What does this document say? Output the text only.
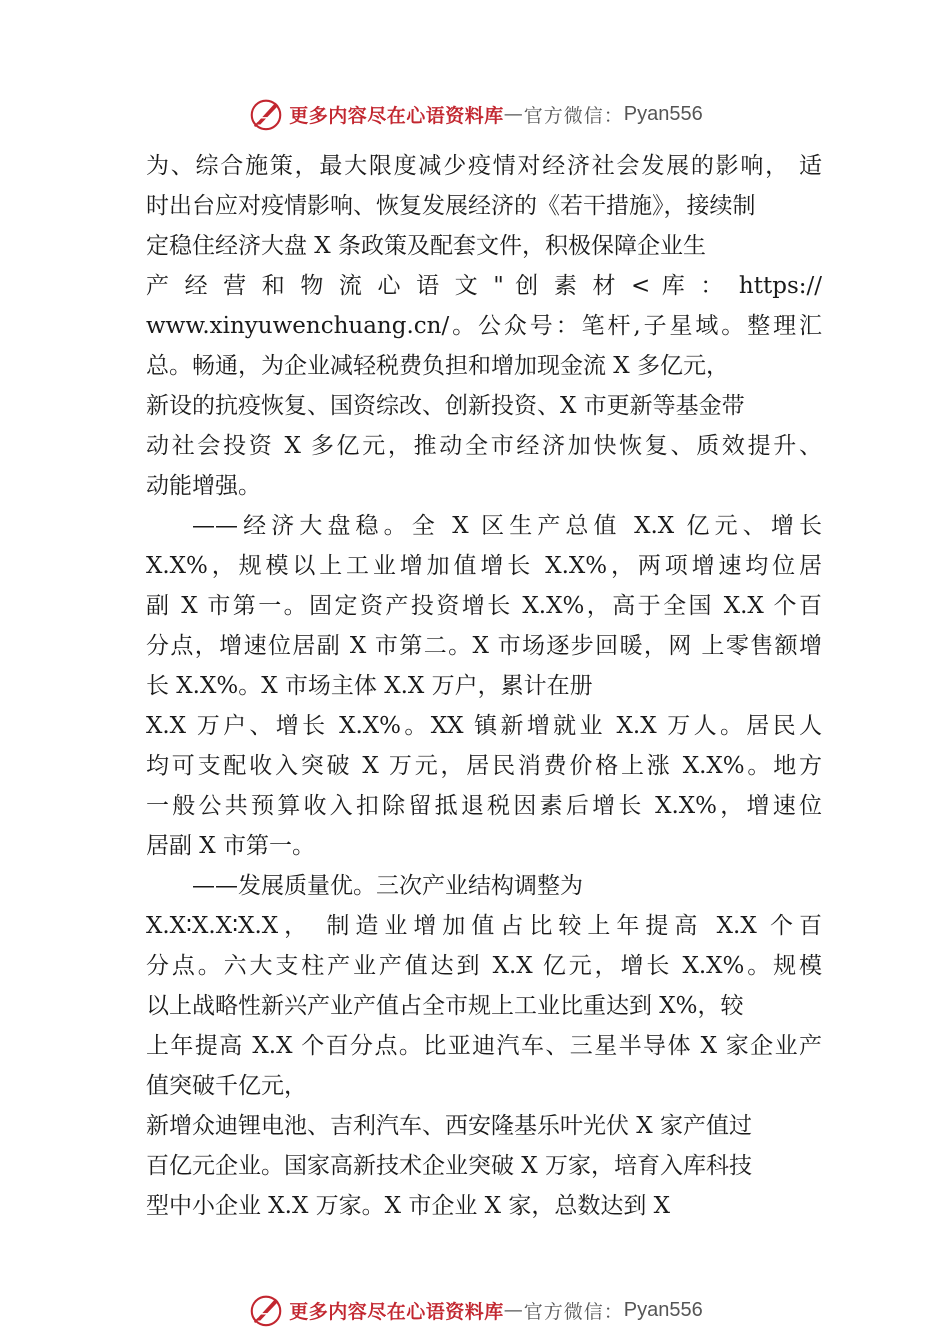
更多内容尽在心语资料库 — 官方微信： Pyan556
为、综合施策，最大限度减少疫情对经济社会发展的影响， 适
时出台应对疫情影响、恢复发展经济的《若干措施》，接续制
定稳住经济大盘 X 条政策及配套文件，积极保障企业生
产 经 营 和 物 流 心 语 文 " 创 素 材 < 库 ： https://
www.xinyuwenchuang.cn/。公众号：笔杆,子星域。整理汇
总。畅通，为企业减轻税费负担和增加现金流 X 多亿元，
新设的抗疫恢复、国资综改、创新投资、X 市更新等基金带
动社会投资 X 多亿元，推动全市经济加快恢复、质效提升、
动能增强。
——经济大盘稳。全 X 区生产总值 X.X 亿元、增长
X.X%，规模以上工业增加值增长 X.X%，两项增速均位居
副 X 市第一。固定资产投资增长 X.X%，高于全国 X.X 个百
分点，增速位居副 X 市第二。X 市场逐步回暖，网 上零售额增
长 X.X%。X 市场主体 X.X 万户，累计在册
X.X 万户、增长 X.X%。XX 镇新增就业 X.X 万人。居民人
均可支配收入突破 X 万元，居民消费价格上涨 X.X%。地方
一般公共预算收入扣除留抵退税因素后增长 X.X%，增速位
居副 X 市第一。
——发展质量优。三次产业结构调整为
X.X∶X.X∶X.X， 制造业增加值占比较上年提高 X.X 个百
分点。六大支柱产业产值达到 X.X 亿元，增长 X.X%。规模
以上战略性新兴产业产值占全市规上工业比重达到 X%，较
上年提高 X.X 个百分点。比亚迪汽车、三星半导体 X 家企业产
值突破千亿元，
新增众迪锂电池、吉利汽车、西安隆基乐叶光伏 X 家产值过
百亿元企业。国家高新技术企业突破 X 万家，培育入库科技
型中小企业 X.X 万家。X 市企业 X 家，总数达到 X
更多内容尽在心语资料库 — 官方微信： Pyan556
